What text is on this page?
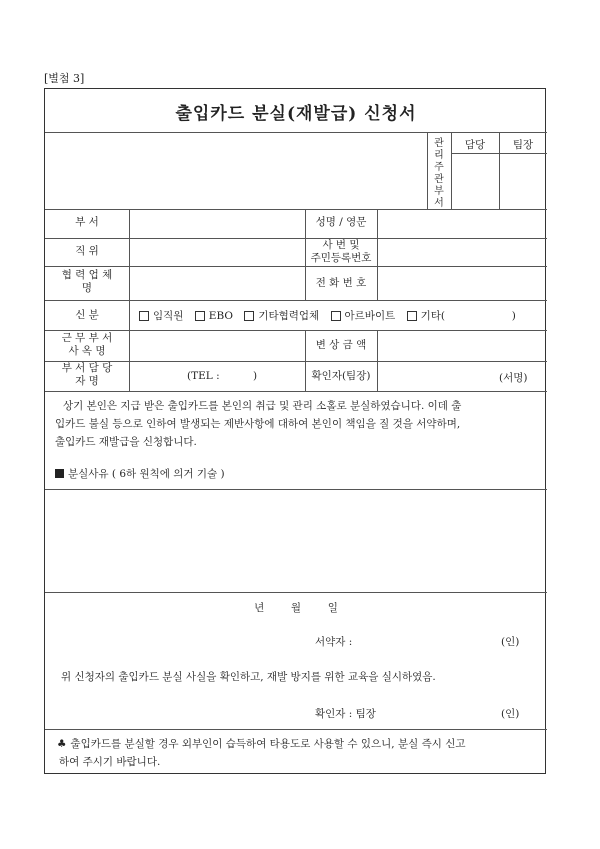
[별첨 3]
출입카드 분실(재발급) 신청서
관
리
주
관
부
서
담당	팀장
부 서	성명 / 영문
직 위	사 번 및
주민등록번호
협 력 업 체
명	전 화 번 호
신 분	임직원
EBO
기타협력업체
아르바이트
기타(                    )
근 무 부 서
사 옥 명	변 상 금 액
부 서 담 당
자 명	(TEL :          )	확인자(팀장)	(서명)
상기 본인은 지급 받은 출입카드를 본인의 취급 및 관리 소홀로 분실하였습니다. 이데 출
입카드 불실 등으로 인하여 발생되는 제반사항에 대하여 본인이 책임을 질 것을 서약하며,
출입카드 재발급을 신청합니다.
분실사유 ( 6하 원칙에 의거 기술 )
년        월        일
서약자 :	(인)
위 신청자의 출입카드 분실 사실을 확인하고, 재발 방지를 위한 교육을 실시하였음.
확인자 : 팀장	(인)
♣ 출입카드를 분실할 경우 외부인이 습득하여 타용도로 사용할 수 있으니, 분실 즉시 신고
하여 주시기 바랍니다.
